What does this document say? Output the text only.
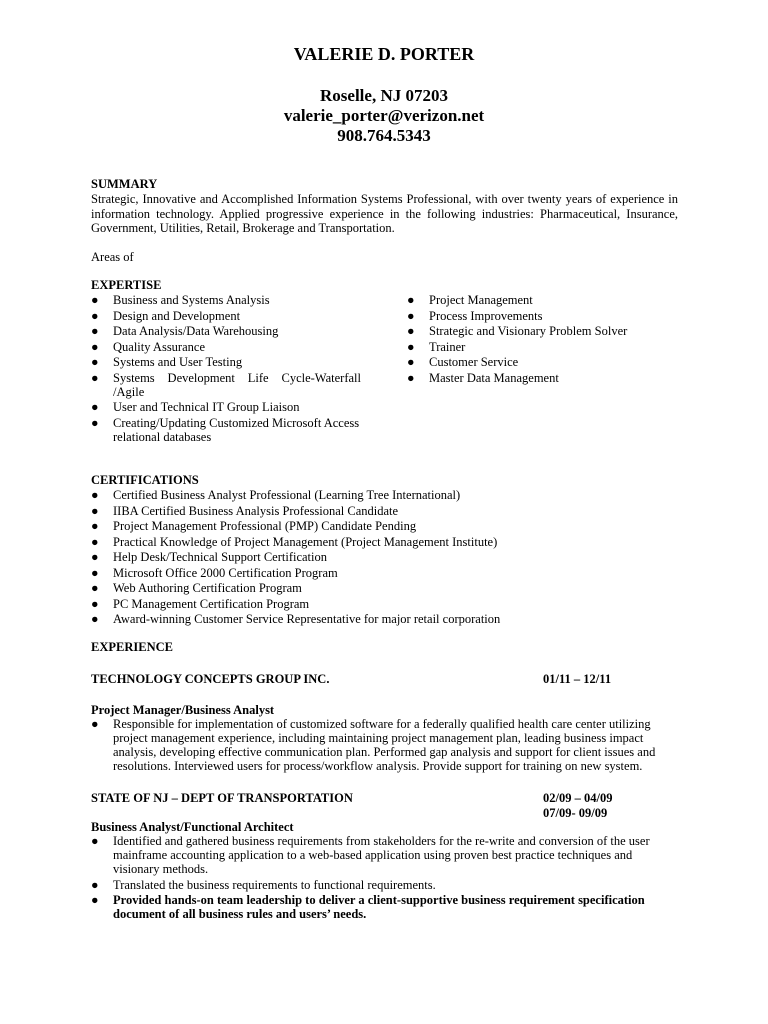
VALERIE D. PORTER
Roselle, NJ 07203
valerie_porter@verizon.net
908.764.5343
SUMMARY
Strategic, Innovative and Accomplished Information Systems Professional, with over twenty years of experience in information technology. Applied progressive experience in the following industries: Pharmaceutical, Insurance, Government, Utilities, Retail, Brokerage and Transportation.
Areas of
EXPERTISE
● Business and Systems Analysis
● Design and Development
● Data Analysis/Data Warehousing
● Quality Assurance
● Systems and User Testing
● Systems Development Life Cycle-Waterfall /Agile
● User and Technical IT Group Liaison
● Creating/Updating Customized Microsoft Access relational databases
● Project Management
● Process Improvements
● Strategic and Visionary Problem Solver
● Trainer
● Customer Service
● Master Data Management
CERTIFICATIONS
● Certified Business Analyst Professional (Learning Tree International)
● IIBA Certified Business Analysis Professional Candidate
● Project Management Professional (PMP) Candidate Pending
● Practical Knowledge of Project Management (Project Management Institute)
● Help Desk/Technical Support Certification
● Microsoft Office 2000 Certification Program
● Web Authoring Certification Program
● PC Management Certification Program
● Award-winning Customer Service Representative for major retail corporation
EXPERIENCE
TECHNOLOGY CONCEPTS GROUP INC.	01/11 – 12/11
Project Manager/Business Analyst
● Responsible for implementation of customized software for a federally qualified health care center utilizing project management experience, including maintaining project management plan, leading business impact analysis, developing effective communication plan. Performed gap analysis and support for client issues and resolutions. Interviewed users for process/workflow analysis. Provide support for training on new system.
STATE OF NJ – DEPT OF TRANSPORTATION	02/09 – 04/09
07/09- 09/09
Business Analyst/Functional Architect
● Identified and gathered business requirements from stakeholders for the re-write and conversion of the user mainframe accounting application to a web-based application using proven best practice techniques and visionary methods.
● Translated the business requirements to functional requirements.
● Provided hands-on team leadership to deliver a client-supportive business requirement specification document of all business rules and users’ needs.
